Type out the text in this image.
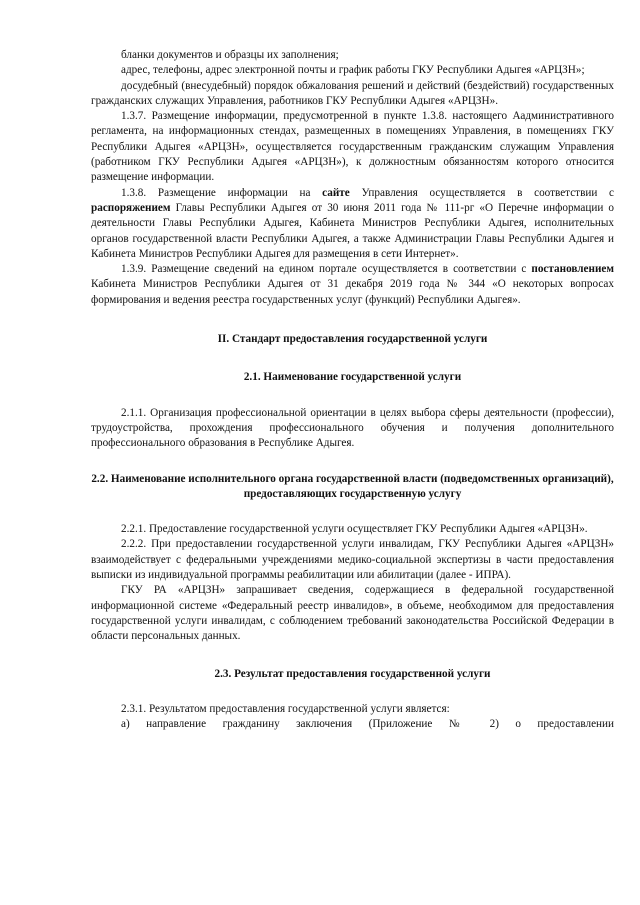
бланки документов и образцы их заполнения;

адрес, телефоны, адрес электронной почты и график работы ГКУ Республики Адыгея «АРЦЗН»;

досудебный (внесудебный) порядок обжалования решений и действий (бездействий) государственных гражданских служащих Управления, работников ГКУ Республики Адыгея «АРЦЗН».

1.3.7. Размещение информации, предусмотренной в пункте 1.3.8. настоящего Аадминистративного регламента, на информационных стендах, размещенных в помещениях Управления, в помещениях ГКУ Республики Адыгея «АРЦЗН», осуществляется государственным гражданским служащим Управления (работником ГКУ Республики Адыгея «АРЦЗН»), к должностным обязанностям которого относится размещение информации.

1.3.8. Размещение информации на сайте Управления осуществляется в соответствии с распоряжением Главы Республики Адыгея от 30 июня 2011 года № 111-рг «О Перечне информации о деятельности Главы Республики Адыгея, Кабинета Министров Республики Адыгея, исполнительных органов государственной власти Республики Адыгея, а также Администрации Главы Республики Адыгея и Кабинета Министров Республики Адыгея для размещения в сети Интернет».

1.3.9. Размещение сведений на едином портале осуществляется в соответствии с постановлением Кабинета Министров Республики Адыгея от 31 декабря 2019 года № 344 «О некоторых вопросах формирования и ведения реестра государственных услуг (функций) Республики Адыгея».

II. Стандарт предоставления государственной услуги

2.1. Наименование государственной услуги

2.1.1. Организация профессиональной ориентации в целях выбора сферы деятельности (профессии), трудоустройства, прохождения профессионального обучения и получения дополнительного профессионального образования в Республике Адыгея.

2.2. Наименование исполнительного органа государственной власти (подведомственных организаций), предоставляющих государственную услугу

2.2.1. Предоставление государственной услуги осуществляет ГКУ Республики Адыгея «АРЦЗН».

2.2.2. При предоставлении государственной услуги инвалидам, ГКУ Республики Адыгея «АРЦЗН» взаимодействует с федеральными учреждениями медико-социальной экспертизы в части предоставления выписки из индивидуальной программы реабилитации или абилитации (далее - ИПРА).

ГКУ РА «АРЦЗН» запрашивает сведения, содержащиеся в федеральной государственной информационной системе «Федеральный реестр инвалидов», в объеме, необходимом для предоставления государственной услуги инвалидам, с соблюдением требований законодательства Российской Федерации в области персональных данных.

2.3. Результат предоставления государственной услуги

2.3.1. Результатом предоставления государственной услуги является:

а) направление гражданину заключения (Приложение № 2) о предоставлении
